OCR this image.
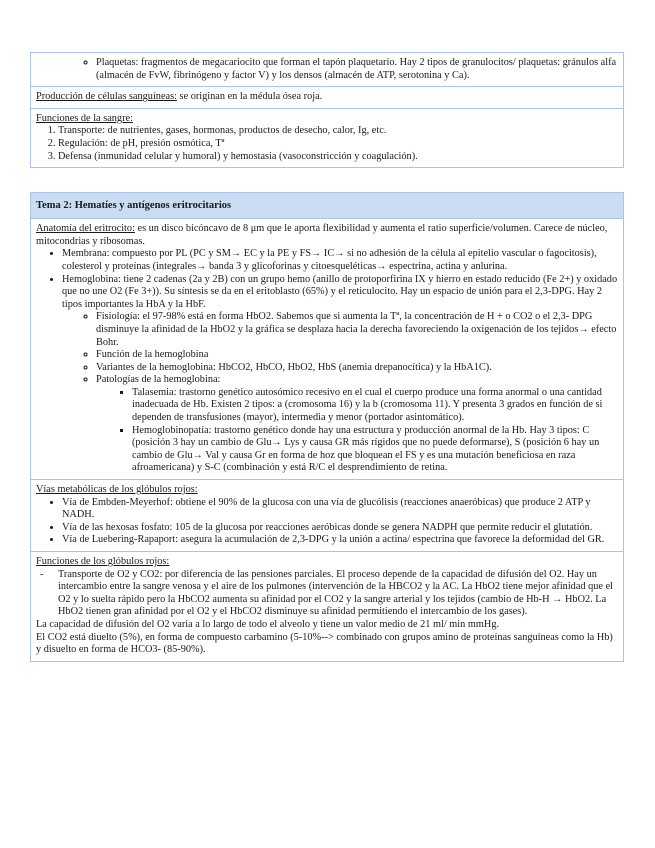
◦ Plaquetas: fragmentos de megacariocito que forman el tapón plaquetario. Hay 2 tipos de granulocitos/ plaquetas: gránulos alfa (almacén de FvW, fibrinógeno y factor V) y los densos (almacén de ATP, serotonina y Ca).

Producción de células sanguíneas: se originan en la médula ósea roja.

Funciones de la sangre:

1. Transporte: de nutrientes, gases, hormonas, productos de desecho, calor, Ig, etc.
2. Regulación: de pH, presión osmótica, Tª
3. Defensa (inmunidad celular y humoral) y hemostasia (vasoconstricción y coagulación).
Tema 2: Hematíes y antígenos eritrocitarios

Anatomía del eritrocito: es un disco bicóncavo de 8 μm que le aporta flexibilidad y aumenta el ratio superficie/volumen. Carece de núcleo, mitocondrias y ribosomas.

• Membrana: compuesto por PL (PC y SM→ EC y la PE y FS→ IC→ si no adhesión de la célula al epitelio vascular o fagocitosis), colesterol y proteínas (integrales→ banda 3 y glicoforinas y citoesqueléticas→ espectrina, actina y anlurina.
• Hemoglobina: tiene 2 cadenas (2a y 2B) con un grupo hemo (anillo de protoporfirina IX y hierro en estado reducido (Fe 2+) y oxidado que no une O2 (Fe 3+)). Su síntesis se da en el eritoblasto (65%) y el reticulocito. Hay un espacio de unión para el 2,3-DPG. Hay 2 tipos importantes la HbA y la HbF.
◦ Fisiología: el 97-98% está en forma HbO2. Sabemos que si aumenta la Tª, la concentración de H + o CO2 o el 2,3- DPG disminuye la afinidad de la HbO2 y la gráfica se desplaza hacia la derecha favoreciendo la oxigenación de los tejidos→ efecto Bohr.
◦ Función de la hemoglobina
◦ Variantes de la hemoglobina: HbCO2, HbCO, HbO2, HbS (anemia drepanocítica) y la HbA1C).
◦ Patologías de la hemoglobina:
▪ Talasemia: trastorno genético autosómico recesivo en el cual el cuerpo produce una forma anormal o una cantidad inadecuada de Hb. Existen 2 tipos: a (cromosoma 16) y la b (cromosoma 11). Y presenta 3 grados en función de si dependen de transfusiones (mayor), intermedia y menor (portador asintomático).
▪ Hemoglobinopatía: trastorno genético donde hay una estructura y producción anormal de la Hb. Hay 3 tipos: C (posición 3 hay un cambio de Glu→ Lys y causa GR más rígidos que no puede deformarse), S (posición 6 hay un cambio de Glu→ Val y causa Gr en forma de hoz que bloquean el FS y es una mutación beneficiosa en raza afroamericana) y S-C (combinación y está R/C el desprendimiento de retina.

Vías metabólicas de los glóbulos rojos:

• Vía de Embden-Meyerhof: obtiene el 90% de la glucosa con una vía de glucólisis (reacciones anaeróbicas) que produce 2 ATP y NADH.
• Vía de las hexosas fosfato: 105 de la glucosa por reacciones aeróbicas donde se genera NADPH que permite reducir el glutatión.
• Vía de Luebering-Rapaport: asegura la acumulación de 2,3-DPG y la unión a actina/ espectrina que favorece la deformidad del GR.

Funciones de los glóbulos rojos:

- Transporte de O2 y CO2: por diferencia de las pensiones parciales. El proceso depende de la capacidad de difusión del O2. Hay un intercambio entre la sangre venosa y el aire de los pulmones (intervención de la HBCO2 y la AC. La HbO2 tiene mejor afinidad que el O2 y lo suelta rápido pero la HbCO2 aumenta su afinidad por el CO2 y la sangre arterial y los tejidos (cambio de Hb-H → HbO2. La HbO2 tienen gran afinidad por el O2 y el HbCO2 disminuye su afinidad permitiendo el intercambio de los gases).

La capacidad de difusión del O2 varia a lo largo de todo el alveolo y tiene un valor medio de 21 ml/ min mmHg.

El CO2 está diuelto (5%), en forma de compuesto carbamino (5-10%--> combinado con grupos amino de proteínas sanguíneas como la Hb) y disuelto en forma de HCO3- (85-90%).
